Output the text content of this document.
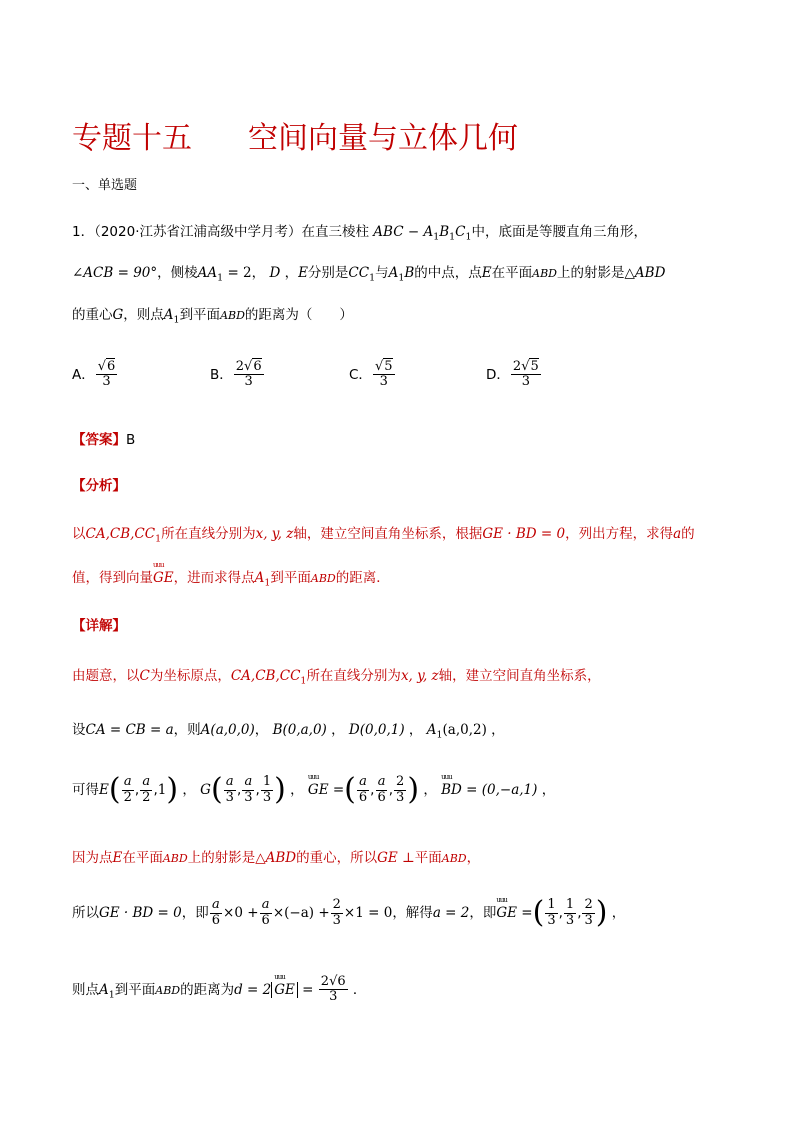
专题十五 空间向量与立体几何
一、单选题
1．（2020·江苏省江浦高级中学月考）在直三棱柱 ABC − $A_1B_1C_1$中，底面是等腰直角三角形，
∠ACB = 90°，侧棱$AA_1 = 2$， D ，E分别是$CC_1$与$A_1B$的中点，点E在平面ABD上的射影是△ABD
的重心G，则点$A_1$到平面ABD的距离为（　　）
A． $\frac{√6}{3}$	B． $\frac{2√6}{3}$	C． $\frac{√5}{3}$	D． $\frac{2√5}{3}$
【答案】B
【分析】
以$CA,CB,CC_1$所在直线分别为x, y, z轴，建立空间直角坐标系，根据GE · BD = 0，列出方程，求得a的
值，得到向量uuu GE，进而求得点$A_1$到平面ABD的距离．
【详解】
由题意，以C为坐标原点，$CA,CB,CC_1$所在直线分别为x, y, z轴，建立空间直角坐标系，
设CA = CB = a，则A(a,0,0)， B(0,a,0) ， D(0,0,1) ， $A_1(a,0,2)$ ，
可得$E( \frac{a}{2}$ , $\frac{a}{2} ,1$) ， $G( \frac{a}{3}$ , $\frac{a}{3}$ , $\frac{1}{3}$ ) ， uuu GE =( $\frac{a}{6}$ , $\frac{a}{6}$ , $\frac{2}{3}$ ) ， uuu BD = (0,−a,1) ，
因为点E在平面ABD上的射影是△ABD的重心，所以GE ⊥平面ABD，
所以GE · BD = 0，即 $\frac{a}{6} \times 0 + \frac{a}{6} \times(-a) + \frac{2}{3} \times 1 = 0$，解得a = 2，即uuu GE =( $\frac{1}{3}$ , $\frac{1}{3}$ , $\frac{2}{3}$ ) ，
则点$A_1$到平面ABD的距离为d = 2uuu GE = $\frac{2√6}{3}$ ．
